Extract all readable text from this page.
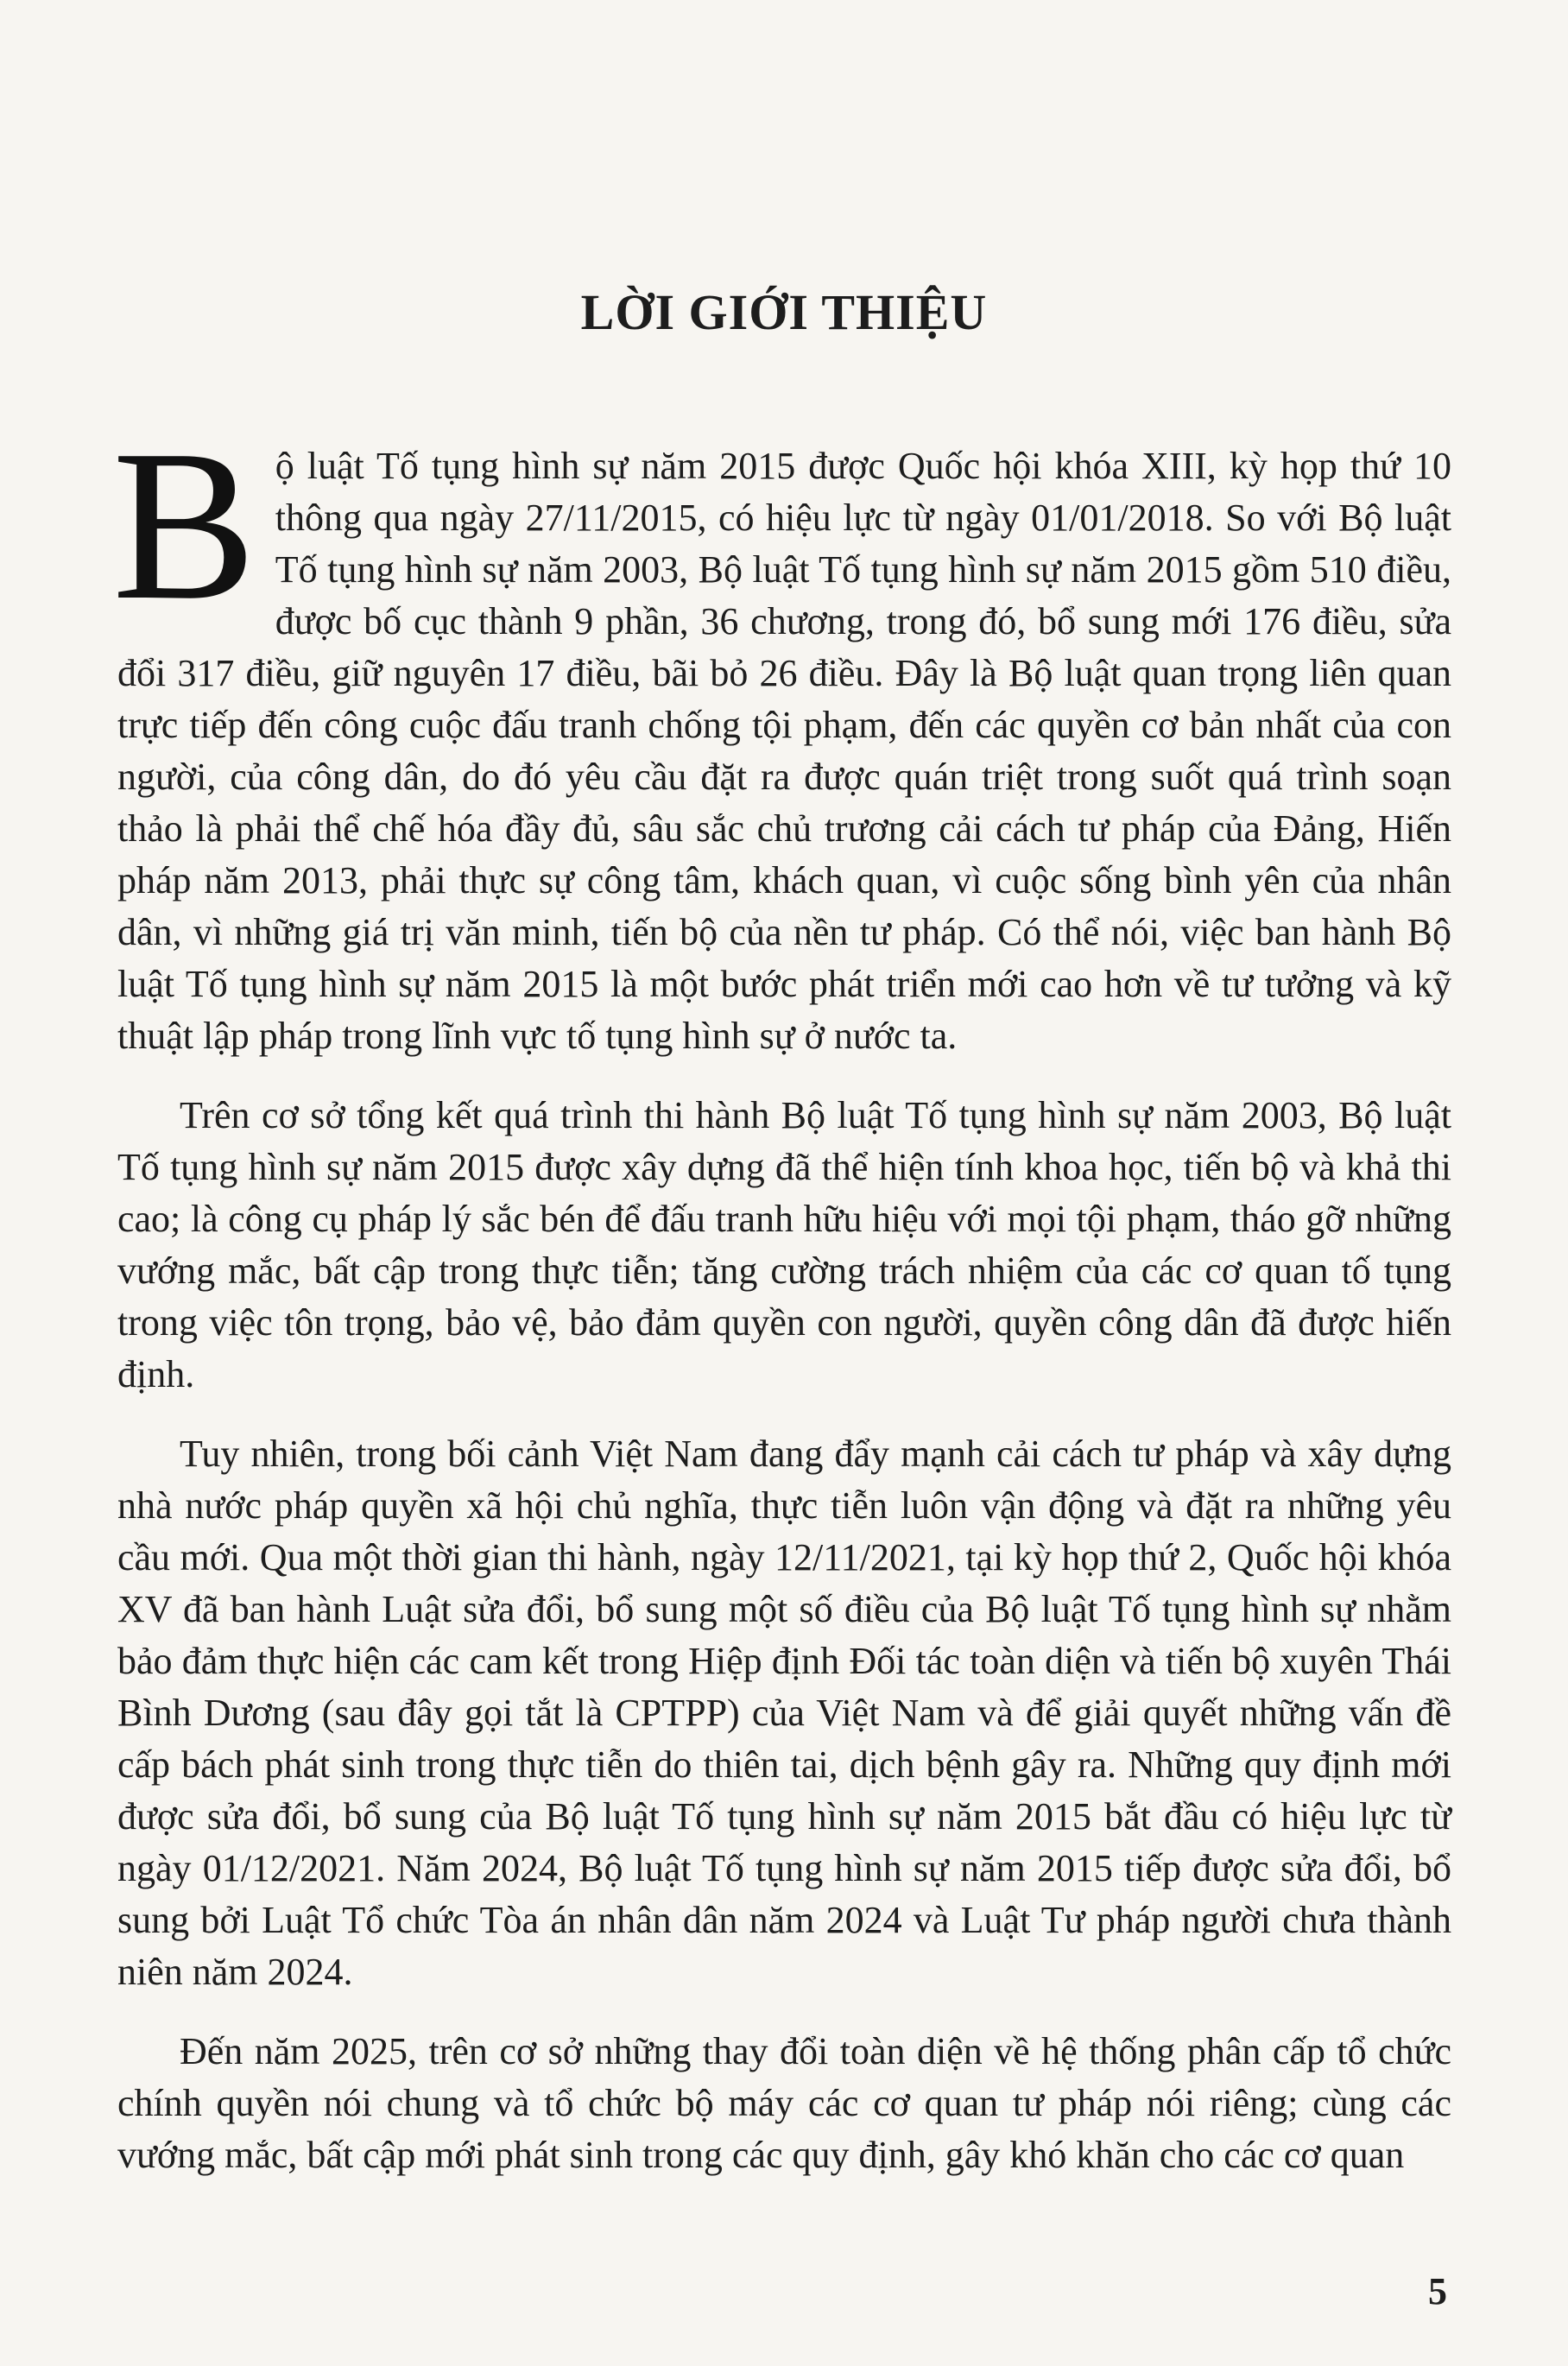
LỜI GIỚI THIỆU

Bộ luật Tố tụng hình sự năm 2015 được Quốc hội khóa XIII, kỳ họp thứ 10 thông qua ngày 27/11/2015, có hiệu lực từ ngày 01/01/2018. So với Bộ luật Tố tụng hình sự năm 2003, Bộ luật Tố tụng hình sự năm 2015 gồm 510 điều, được bố cục thành 9 phần, 36 chương, trong đó, bổ sung mới 176 điều, sửa đổi 317 điều, giữ nguyên 17 điều, bãi bỏ 26 điều. Đây là Bộ luật quan trọng liên quan trực tiếp đến công cuộc đấu tranh chống tội phạm, đến các quyền cơ bản nhất của con người, của công dân, do đó yêu cầu đặt ra được quán triệt trong suốt quá trình soạn thảo là phải thể chế hóa đầy đủ, sâu sắc chủ trương cải cách tư pháp của Đảng, Hiến pháp năm 2013, phải thực sự công tâm, khách quan, vì cuộc sống bình yên của nhân dân, vì những giá trị văn minh, tiến bộ của nền tư pháp. Có thể nói, việc ban hành Bộ luật Tố tụng hình sự năm 2015 là một bước phát triển mới cao hơn về tư tưởng và kỹ thuật lập pháp trong lĩnh vực tố tụng hình sự ở nước ta.

Trên cơ sở tổng kết quá trình thi hành Bộ luật Tố tụng hình sự năm 2003, Bộ luật Tố tụng hình sự năm 2015 được xây dựng đã thể hiện tính khoa học, tiến bộ và khả thi cao; là công cụ pháp lý sắc bén để đấu tranh hữu hiệu với mọi tội phạm, tháo gỡ những vướng mắc, bất cập trong thực tiễn; tăng cường trách nhiệm của các cơ quan tố tụng trong việc tôn trọng, bảo vệ, bảo đảm quyền con người, quyền công dân đã được hiến định.

Tuy nhiên, trong bối cảnh Việt Nam đang đẩy mạnh cải cách tư pháp và xây dựng nhà nước pháp quyền xã hội chủ nghĩa, thực tiễn luôn vận động và đặt ra những yêu cầu mới. Qua một thời gian thi hành, ngày 12/11/2021, tại kỳ họp thứ 2, Quốc hội khóa XV đã ban hành Luật sửa đổi, bổ sung một số điều của Bộ luật Tố tụng hình sự nhằm bảo đảm thực hiện các cam kết trong Hiệp định Đối tác toàn diện và tiến bộ xuyên Thái Bình Dương (sau đây gọi tắt là CPTPP) của Việt Nam và để giải quyết những vấn đề cấp bách phát sinh trong thực tiễn do thiên tai, dịch bệnh gây ra. Những quy định mới được sửa đổi, bổ sung của Bộ luật Tố tụng hình sự năm 2015 bắt đầu có hiệu lực từ ngày 01/12/2021. Năm 2024, Bộ luật Tố tụng hình sự năm 2015 tiếp được sửa đổi, bổ sung bởi Luật Tổ chức Tòa án nhân dân năm 2024 và Luật Tư pháp người chưa thành niên năm 2024.

Đến năm 2025, trên cơ sở những thay đổi toàn diện về hệ thống phân cấp tổ chức chính quyền nói chung và tổ chức bộ máy các cơ quan tư pháp nói riêng; cùng các vướng mắc, bất cập mới phát sinh trong các quy định, gây khó khăn cho các cơ quan

5
